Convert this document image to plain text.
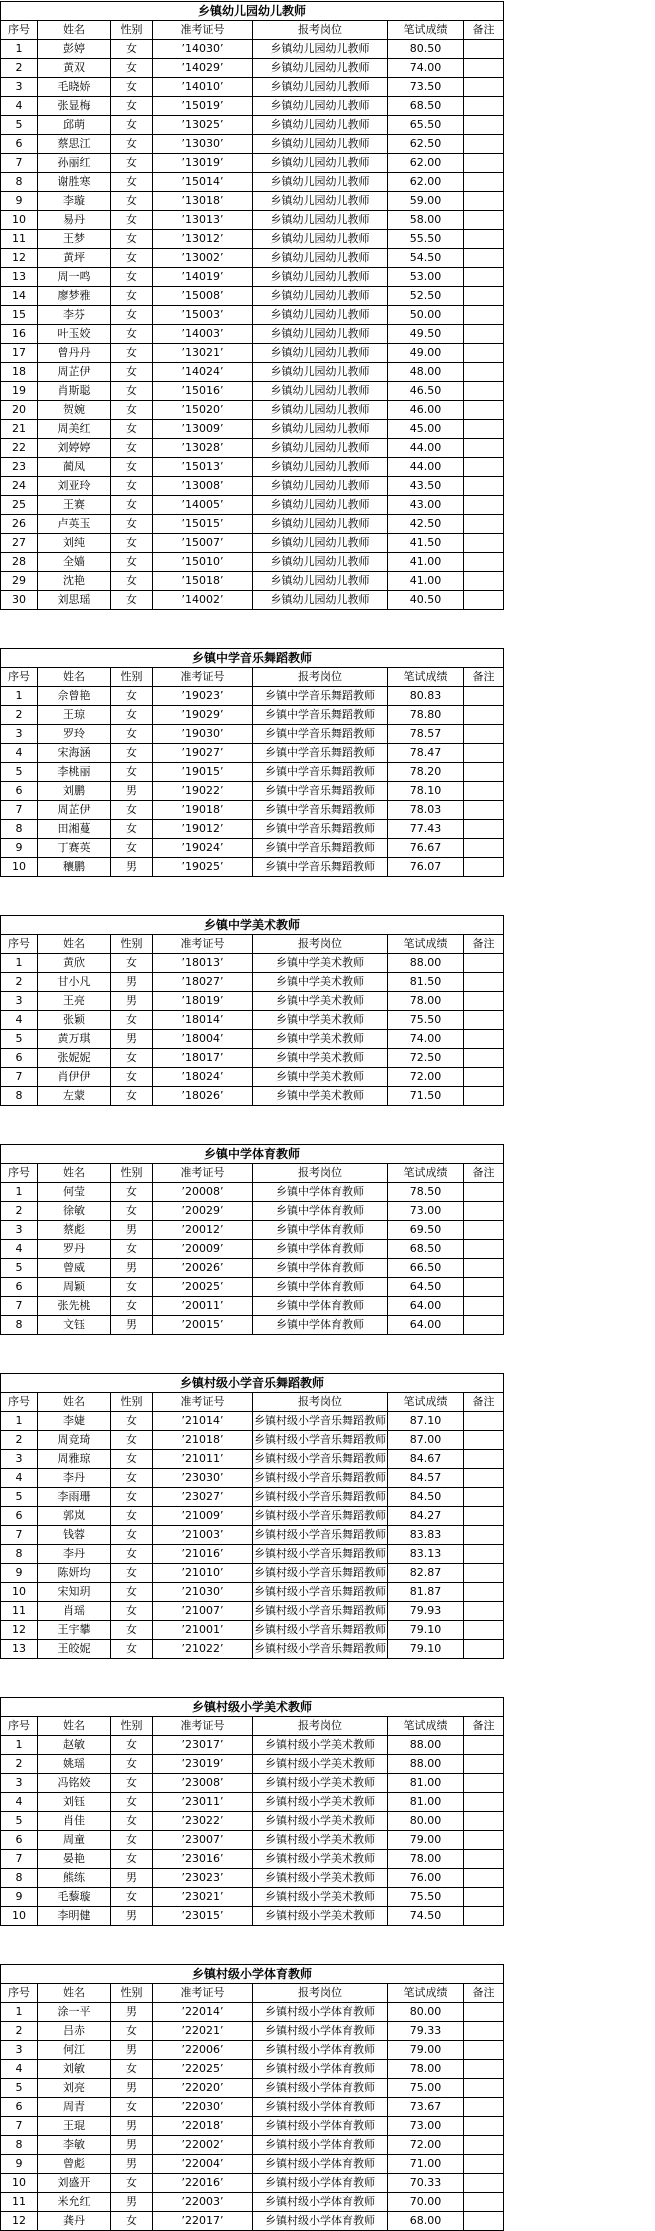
乡镇幼儿园幼儿教师						
序号	姓名	性别	准考证号	报考岗位	笔试成绩	备注
1	彭婷	女	’14030’	乡镇幼儿园幼儿教师	80.50	
2	黄双	女	’14029’	乡镇幼儿园幼儿教师	74.00	
3	毛晓娇	女	’14010’	乡镇幼儿园幼儿教师	73.50	
4	张显梅	女	’15019’	乡镇幼儿园幼儿教师	68.50	
5	邱萌	女	’13025’	乡镇幼儿园幼儿教师	65.50	
6	蔡思江	女	’13030’	乡镇幼儿园幼儿教师	62.50	
7	孙丽红	女	’13019’	乡镇幼儿园幼儿教师	62.00	
8	谢胜寒	女	’15014’	乡镇幼儿园幼儿教师	62.00	
9	李璇	女	’13018’	乡镇幼儿园幼儿教师	59.00	
10	易丹	女	’13013’	乡镇幼儿园幼儿教师	58.00	
11	王梦	女	’13012’	乡镇幼儿园幼儿教师	55.50	
12	黄坪	女	’13002’	乡镇幼儿园幼儿教师	54.50	
13	周一鸣	女	’14019’	乡镇幼儿园幼儿教师	53.00	
14	廖梦雅	女	’15008’	乡镇幼儿园幼儿教师	52.50	
15	李芬	女	’15003’	乡镇幼儿园幼儿教师	50.00	
16	叶玉姣	女	’14003’	乡镇幼儿园幼儿教师	49.50	
17	曾丹丹	女	’13021’	乡镇幼儿园幼儿教师	49.00	
18	周芷伊	女	’14024’	乡镇幼儿园幼儿教师	48.00	
19	肖斯聪	女	’15016’	乡镇幼儿园幼儿教师	46.50	
20	贺婉	女	’15020’	乡镇幼儿园幼儿教师	46.00	
21	周美红	女	’13009’	乡镇幼儿园幼儿教师	45.00	
22	刘婷婷	女	’13028’	乡镇幼儿园幼儿教师	44.00	
23	蔺凤	女	’15013’	乡镇幼儿园幼儿教师	44.00	
24	刘亚玲	女	’13008’	乡镇幼儿园幼儿教师	43.50	
25	王赛	女	’14005’	乡镇幼儿园幼儿教师	43.00	
26	卢英玉	女	’15015’	乡镇幼儿园幼儿教师	42.50	
27	刘纯	女	’15007’	乡镇幼儿园幼儿教师	41.50	
28	全嫱	女	’15010’	乡镇幼儿园幼儿教师	41.00	
29	沈艳	女	’15018’	乡镇幼儿园幼儿教师	41.00	
30	刘思瑶	女	’14002’	乡镇幼儿园幼儿教师	40.50	
乡镇中学音乐舞蹈教师						
序号	姓名	性别	准考证号	报考岗位	笔试成绩	备注
1	佘曾艳	女	’19023’	乡镇中学音乐舞蹈教师	80.83	
2	王琼	女	’19029’	乡镇中学音乐舞蹈教师	78.80	
3	罗玲	女	’19030’	乡镇中学音乐舞蹈教师	78.57	
4	宋海涵	女	’19027’	乡镇中学音乐舞蹈教师	78.47	
5	李桃丽	女	’19015’	乡镇中学音乐舞蹈教师	78.20	
6	刘鹏	男	’19022’	乡镇中学音乐舞蹈教师	78.10	
7	周芷伊	女	’19018’	乡镇中学音乐舞蹈教师	78.03	
8	田湘蔓	女	’19012’	乡镇中学音乐舞蹈教师	77.43	
9	丁赛英	女	’19024’	乡镇中学音乐舞蹈教师	76.67	
10	穰鹏	男	’19025’	乡镇中学音乐舞蹈教师	76.07	
乡镇中学美术教师						
序号	姓名	性别	准考证号	报考岗位	笔试成绩	备注
1	黄欣	女	’18013’	乡镇中学美术教师	88.00	
2	甘小凡	男	’18027’	乡镇中学美术教师	81.50	
3	王亮	男	’18019’	乡镇中学美术教师	78.00	
4	张颖	女	’18014’	乡镇中学美术教师	75.50	
5	黄万琪	男	’18004’	乡镇中学美术教师	74.00	
6	张妮妮	女	’18017’	乡镇中学美术教师	72.50	
7	肖伊伊	女	’18024’	乡镇中学美术教师	72.00	
8	左蒙	女	’18026’	乡镇中学美术教师	71.50	
乡镇中学体育教师						
序号	姓名	性别	准考证号	报考岗位	笔试成绩	备注
1	何莹	女	’20008’	乡镇中学体育教师	78.50	
2	徐敏	女	’20029’	乡镇中学体育教师	73.00	
3	蔡彪	男	’20012’	乡镇中学体育教师	69.50	
4	罗丹	女	’20009’	乡镇中学体育教师	68.50	
5	曾威	男	’20026’	乡镇中学体育教师	66.50	
6	周颖	女	’20025’	乡镇中学体育教师	64.50	
7	张先桃	女	’20011’	乡镇中学体育教师	64.00	
8	文钰	男	’20015’	乡镇中学体育教师	64.00	
乡镇村级小学音乐舞蹈教师						
序号	姓名	性别	准考证号	报考岗位	笔试成绩	备注
1	李婕	女	’21014’	乡镇村级小学音乐舞蹈教师	87.10	
2	周竞琦	女	’21018’	乡镇村级小学音乐舞蹈教师	87.00	
3	周雅琼	女	’21011’	乡镇村级小学音乐舞蹈教师	84.67	
4	李丹	女	’23030’	乡镇村级小学音乐舞蹈教师	84.57	
5	李雨珊	女	’23027’	乡镇村级小学音乐舞蹈教师	84.50	
6	郭岚	女	’21009’	乡镇村级小学音乐舞蹈教师	84.27	
7	钱蓉	女	’21003’	乡镇村级小学音乐舞蹈教师	83.83	
8	李丹	女	’21016’	乡镇村级小学音乐舞蹈教师	83.13	
9	陈妍均	女	’21010’	乡镇村级小学音乐舞蹈教师	82.87	
10	宋知玥	女	’21030’	乡镇村级小学音乐舞蹈教师	81.87	
11	肖瑶	女	’21007’	乡镇村级小学音乐舞蹈教师	79.93	
12	王宇攀	女	’21001’	乡镇村级小学音乐舞蹈教师	79.10	
13	王皎妮	女	’21022’	乡镇村级小学音乐舞蹈教师	79.10	
乡镇村级小学美术教师						
序号	姓名	性别	准考证号	报考岗位	笔试成绩	备注
1	赵敏	女	’23017’	乡镇村级小学美术教师	88.00	
2	姚瑶	女	’23019’	乡镇村级小学美术教师	88.00	
3	冯铭姣	女	’23008’	乡镇村级小学美术教师	81.00	
4	刘钰	女	’23011’	乡镇村级小学美术教师	81.00	
5	肖佳	女	’23022’	乡镇村级小学美术教师	80.00	
6	周童	女	’23007’	乡镇村级小学美术教师	79.00	
7	晏艳	女	’23016’	乡镇村级小学美术教师	78.00	
8	熊练	男	’23023’	乡镇村级小学美术教师	76.00	
9	毛藜璇	女	’23021’	乡镇村级小学美术教师	75.50	
10	李明健	男	’23015’	乡镇村级小学美术教师	74.50	
乡镇村级小学体育教师						
序号	姓名	性别	准考证号	报考岗位	笔试成绩	备注
1	涂一平	男	’22014’	乡镇村级小学体育教师	80.00	
2	吕赤	女	’22021’	乡镇村级小学体育教师	79.33	
3	何江	男	’22006’	乡镇村级小学体育教师	79.00	
4	刘敏	女	’22025’	乡镇村级小学体育教师	78.00	
5	刘亮	男	’22020’	乡镇村级小学体育教师	75.00	
6	周青	女	’22030’	乡镇村级小学体育教师	73.67	
7	王琨	男	’22018’	乡镇村级小学体育教师	73.00	
8	李敏	男	’22002’	乡镇村级小学体育教师	72.00	
9	曾彪	男	’22004’	乡镇村级小学体育教师	71.00	
10	刘盛开	女	’22016’	乡镇村级小学体育教师	70.33	
11	米允红	男	’22003’	乡镇村级小学体育教师	70.00	
12	龚丹	女	’22017’	乡镇村级小学体育教师	68.00	
